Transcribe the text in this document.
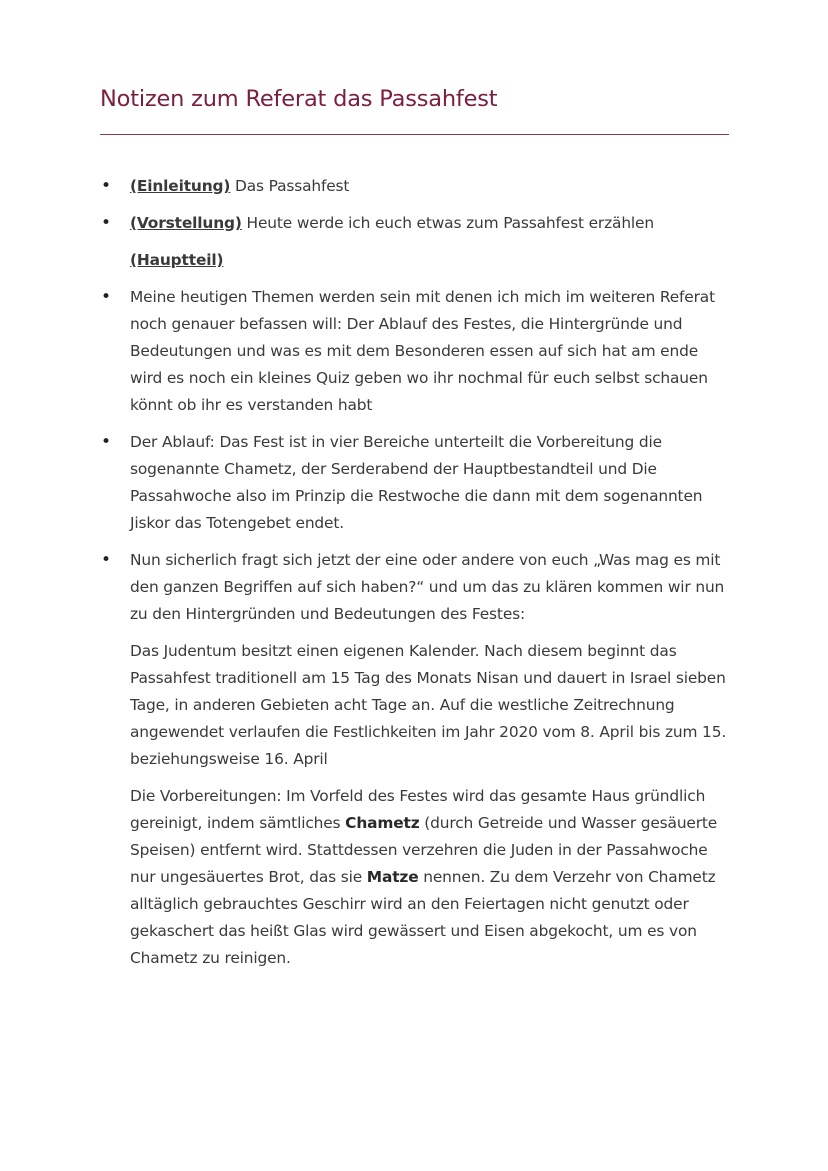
Notizen zum Referat das Passahfest
• (Einleitung) Das Passahfest
• (Vorstellung) Heute werde ich euch etwas zum Passahfest erzählen
(Hauptteil)
• Meine heutigen Themen werden sein mit denen ich mich im weiteren Referat noch genauer befassen will: Der Ablauf des Festes, die Hintergründe und Bedeutungen und was es mit dem Besonderen essen auf sich hat am ende wird es noch ein kleines Quiz geben wo ihr nochmal für euch selbst schauen könnt ob ihr es verstanden habt
• Der Ablauf: Das Fest ist in vier Bereiche unterteilt die Vorbereitung die sogenannte Chametz, der Serderabend der Hauptbestandteil und Die Passahwoche also im Prinzip die Restwoche die dann mit dem sogenannten Jiskor das Totengebet endet.
• Nun sicherlich fragt sich jetzt der eine oder andere von euch „Was mag es mit den ganzen Begriffen auf sich haben?“ und um das zu klären kommen wir nun zu den Hintergründen und Bedeutungen des Festes:

Das Judentum besitzt einen eigenen Kalender. Nach diesem beginnt das Passahfest traditionell am 15 Tag des Monats Nisan und dauert in Israel sieben Tage, in anderen Gebieten acht Tage an. Auf die westliche Zeitrechnung angewendet verlaufen die Festlichkeiten im Jahr 2020 vom 8. April bis zum 15. beziehungsweise 16. April

Die Vorbereitungen: Im Vorfeld des Festes wird das gesamte Haus gründlich gereinigt, indem sämtliches Chametz (durch Getreide und Wasser gesäuerte Speisen) entfernt wird. Stattdessen verzehren die Juden in der Passahwoche nur ungesäuertes Brot, das sie Matze nennen. Zu dem Verzehr von Chametz alltäglich gebrauchtes Geschirr wird an den Feiertagen nicht genutzt oder gekaschert das heißt Glas wird gewässert und Eisen abgekocht, um es von Chametz zu reinigen.
